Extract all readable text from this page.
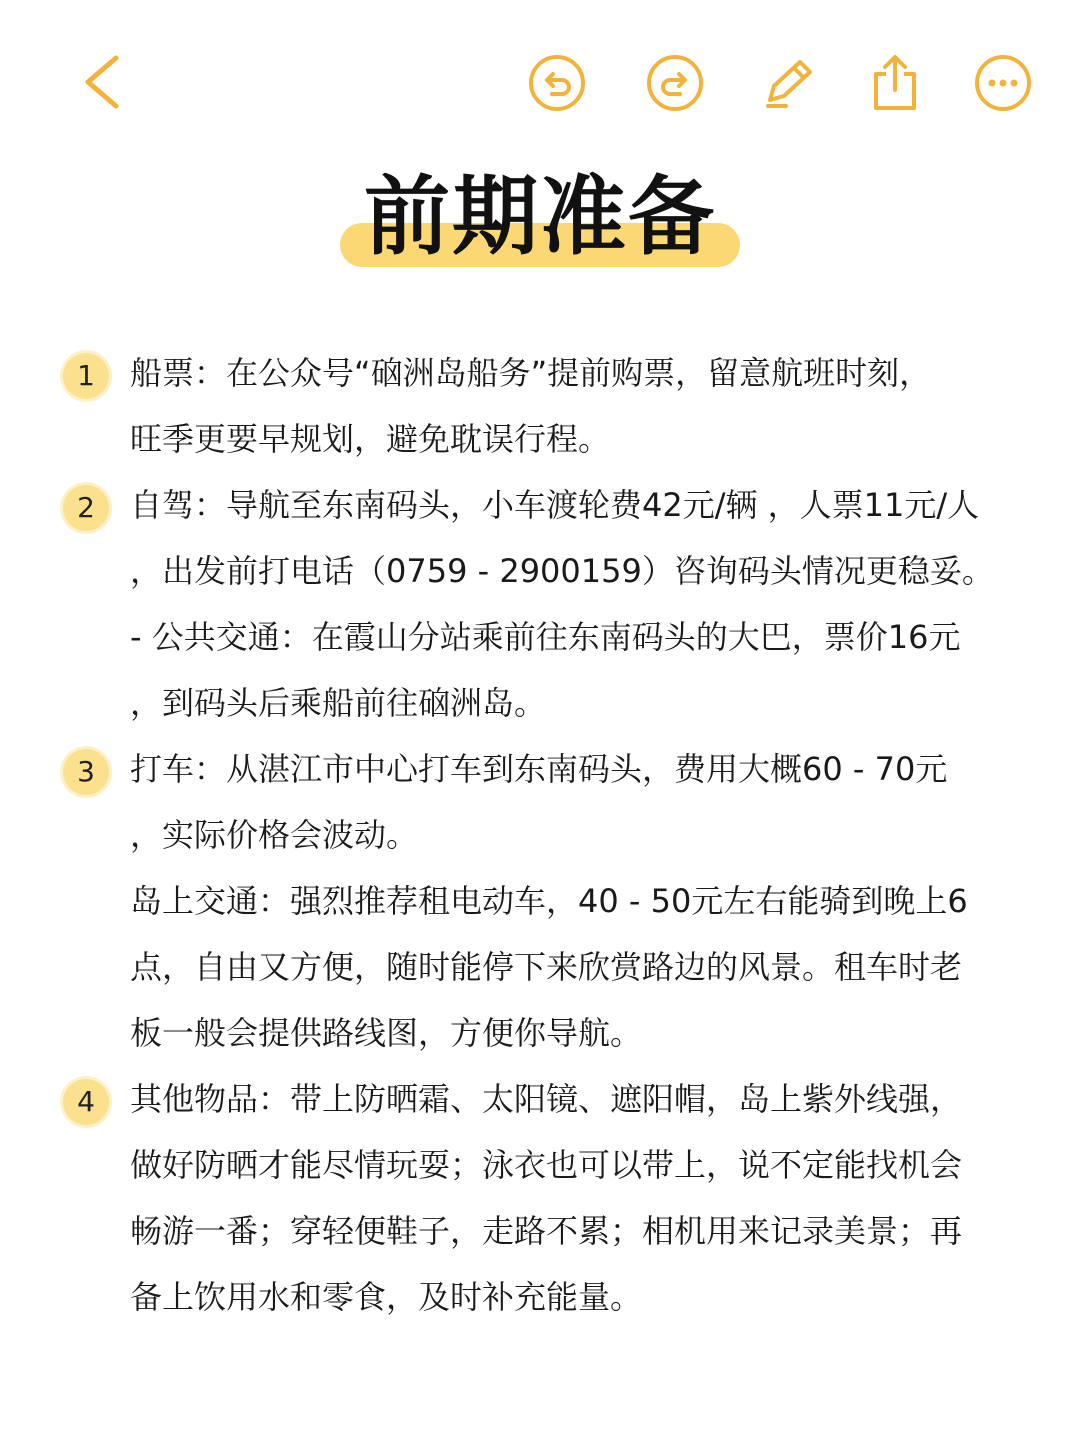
前期准备
1	船票：在公众号“硇洲岛船务”提前购票，留意航班时刻，
旺季更要早规划，避免耽误行程。
2	自驾：导航至东南码头，小车渡轮费42元/辆 ，人票11元/人
，出发前打电话（0759 - 2900159）咨询码头情况更稳妥。
- 公共交通：在霞山分站乘前往东南码头的大巴，票价16元
，到码头后乘船前往硇洲岛。
3	打车：从湛江市中心打车到东南码头，费用大概60 - 70元
，实际价格会波动。
岛上交通：强烈推荐租电动车，40 - 50元左右能骑到晚上6
点，自由又方便，随时能停下来欣赏路边的风景。租车时老
板一般会提供路线图，方便你导航。
4	其他物品：带上防晒霜、太阳镜、遮阳帽，岛上紫外线强，
做好防晒才能尽情玩耍；泳衣也可以带上，说不定能找机会
畅游一番；穿轻便鞋子，走路不累；相机用来记录美景；再
备上饮用水和零食，及时补充能量。
